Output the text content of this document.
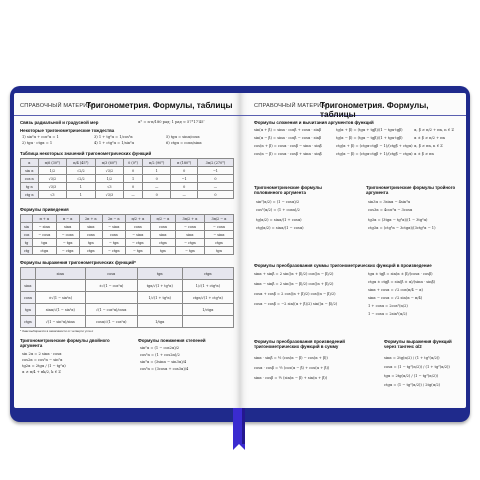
СПРАВОЧНЫЙ МАТЕРИАЛ
Тригонометрия. Формулы, таблицы
Связь радиальной и градусной мер	α° = α·π/180 рад; 1 рад ≈ 57°17′45″
Некоторые тригонометрические тождества
1) sin²α + cos²α = 1
2) tgα · ctgα = 1
3) 1 + tg²α = 1/cos²α
4) 1 + ctg²α = 1/sin²α
5) tgα = sinα/cosα
6) ctgα = cosα/sinα
Таблица некоторых значений тригонометрических функций
α	π/6 (30°)	π/4 (45°)	π/3 (60°)	0 (0°)	π/2 (90°)	π (180°)	3π/2 (270°)
sin α	1/2	√2/2	√3/2	0	1	0	−1
cos α	√3/2	√2/2	1/2	1	0	−1	0
tg α	√3/3	1	√3	0	—	0	—
ctg α	√3	1	√3/3	—	0	—	0
Формулы приведения
	π + α	π − α	2π + α	2π − α	π/2 + α	π/2 − α	3π/2 + α	3π/2 − α
sin	− sinα	sinα	sinα	− sinα	cosα	cosα	− cosα	− cosα
cos	− cosα	− cosα	cosα	cosα	− sinα	sinα	sinα	− sinα
tg	tgα	− tgα	tgα	− tgα	− ctgα	ctgα	− ctgα	ctgα
ctg	ctgα	− ctgα	ctgα	− ctgα	− tgα	tgα	− tgα	tgα
Формулы выражения тригонометрических функций*
	sinα	cosα	tgα	ctgα
sinα		±√(1 − cos²α)	tgα/√(1 + tg²α)	1/√(1 + ctg²α)
cosα	±√(1 − sin²α)		1/√(1 + tg²α)	ctgα/√(1 + ctg²α)
tgα	sinα/√(1 − sin²α)	√(1 − cos²α)/cosα		1/ctgα
ctgα	√(1 − sin²α)/sinα	cosα/√(1 − cos²α)	1/tgα	
* Знак выбирается в зависимости от четверти угла α
Тригонометрические формулы двойного аргумента
sin 2α = 2 sinα · cosα
cos2α = cos²α − sin²α
tg2α = 2tgα / (1 − tg²α)
α ≠ π/4 + πk/2, k ∈ Z
Формулы понижения степеней
sin²α = (1 − cos2α)/2
cos²α = (1 + cos2α)/2
sin³α = (3sinα − sin3α)/4
cos³α = (3cosα + cos3α)/4
СПРАВОЧНЫЙ МАТЕРИАЛ
Тригонометрия. Формулы, таблицы
Формулы сложения и вычитания аргументов функций
sin(α + β) = sinα · cosβ + cosα · sinβ
sin(α − β) = sinα · cosβ − cosα · sinβ
cos(α + β) = cosα · cosβ − sinα · sinβ
cos(α − β) = cosα · cosβ + sinα · sinβ
tg(α + β) = (tgα + tgβ)/(1 − tgα·tgβ)
tg(α − β) = (tgα − tgβ)/(1 + tgα·tgβ)
ctg(α + β) = (ctgα·ctgβ − 1)/(ctgβ + ctgα)
ctg(α − β) = (ctgα·ctgβ + 1)/(ctgβ − ctgα)
α, β ≠ π/2 + πn, n ∈ Z
α ± β ≠ π/2 + πn
α, β ≠ πn, n ∈ Z
α ± β ≠ πn
Тригонометрические формулы половинного аргумента
sin²(α/2) = (1 − cosα)/2
cos²(α/2) = (1 + cosα)/2
tg(α/2) = sinα/(1 + cosα)
ctg(α/2) = sinα/(1 − cosα)
Тригонометрические формулы тройного аргумента
sin3α = 3sinα − 4sin³α
cos3α = 4cos³α − 3cosα
tg3α = (3tgα − tg³α)/(1 − 3tg²α)
ctg3α = (ctg³α − 3ctgα)/(3ctg²α − 1)
Формулы преобразования суммы тригонометрических функций в произведение
sinα + sinβ = 2 sin((α + β)/2) cos((α − β)/2)
sinα − sinβ = 2 sin((α − β)/2) cos((α + β)/2)
cosα + cosβ = 2 cos((α + β)/2) cos((α − β)/2)
cosα − cosβ = −2 sin((α + β)/2) sin((α − β)/2)
tgα ± tgβ = sin(α ± β)/(cosα · cosβ)
ctgα ± ctgβ = sin(β ± α)/(sinα · sinβ)
sinα + cosα = √2 cos(π/4 − α)
sinα − cosα = √2 sin(α − π/4)
1 + cosα = 2cos²(α/2)
1 − cosα = 2sin²(α/2)
Формулы преобразования произведений тригонометрических функций в сумму
sinα · sinβ = ½ (cos(α − β) − cos(α + β))
cosα · cosβ = ½ (cos(α − β) + cos(α + β))
sinα · cosβ = ½ (sin(α − β) + sin(α + β))
Формулы выражения функций через тангенс α/2
sinα = 2tg(α/2) / (1 + tg²(α/2))
cosα = (1 − tg²(α/2)) / (1 + tg²(α/2))
tgα = 2tg(α/2) / (1 − tg²(α/2))
ctgα = (1 − tg²(α/2)) / 2tg(α/2)
